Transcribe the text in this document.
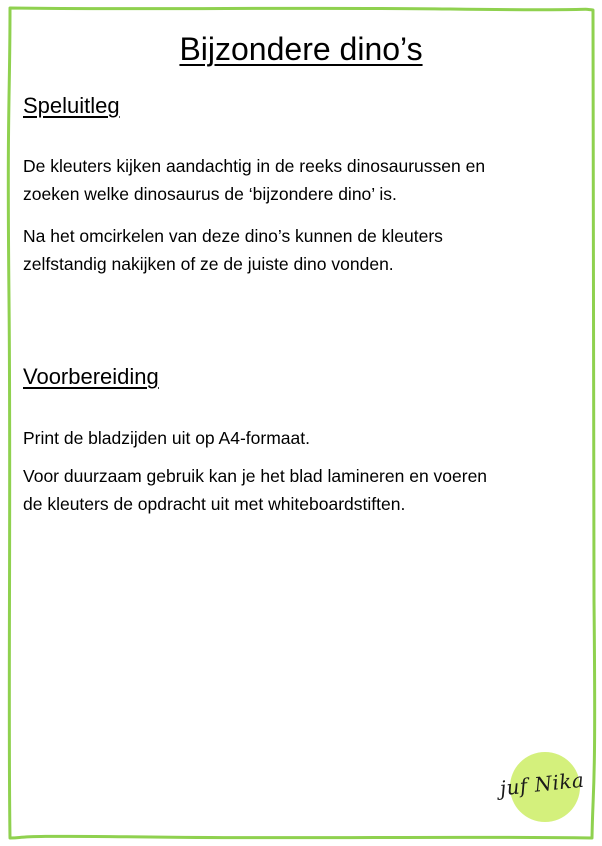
Bijzondere dino’s
Speluitleg

De kleuters kijken aandachtig in de reeks dinosaurussen en
zoeken welke dinosaurus de ‘bijzondere dino’ is.

Na het omcirkelen van deze dino’s kunnen de kleuters
zelfstandig nakijken of ze de juiste dino vonden.

Voorbereiding

Print de bladzijden uit op A4-formaat.

Voor duurzaam gebruik kan je het blad lamineren en voeren
de kleuters de opdracht uit met whiteboardstiften.

juf Nika
